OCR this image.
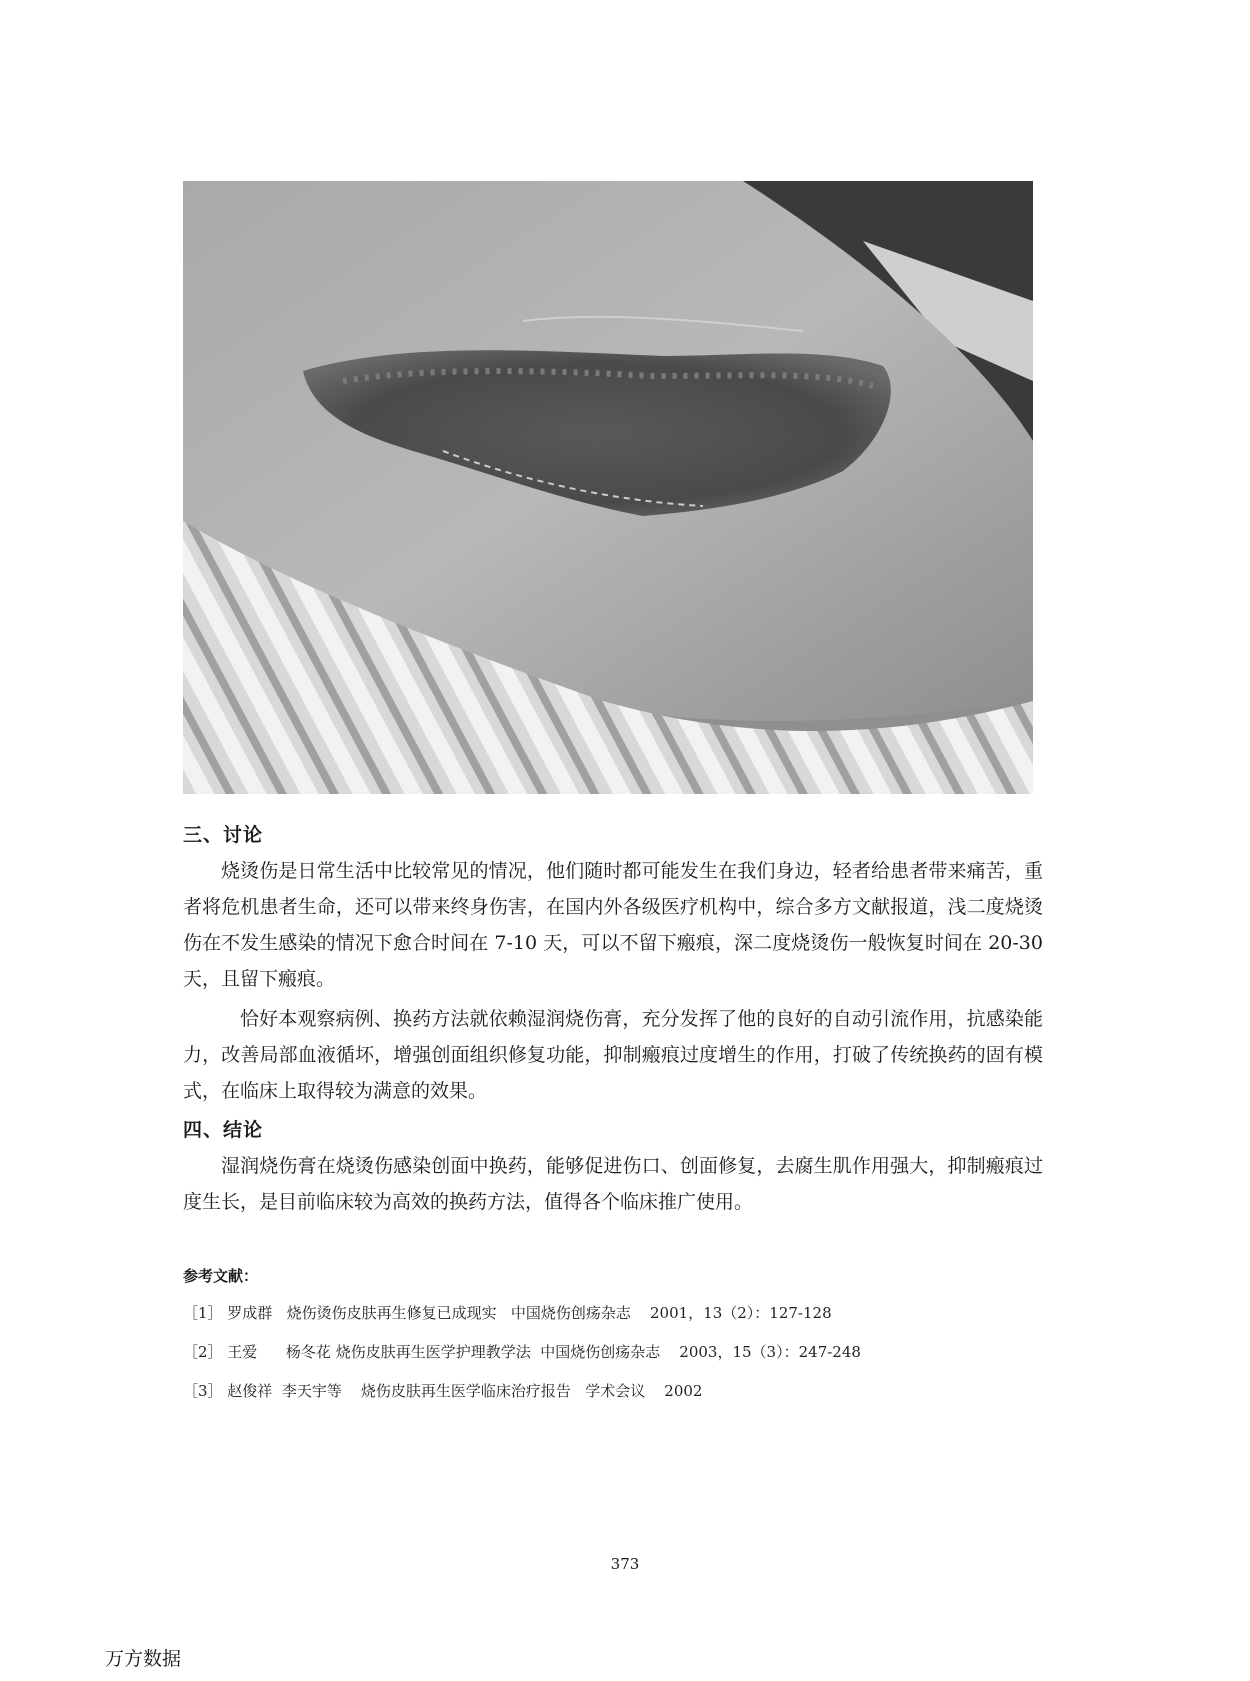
三、讨论

烧烫伤是日常生活中比较常见的情况，他们随时都可能发生在我们身边，轻者给患者带来痛苦，重者将危机患者生命，还可以带来终身伤害，在国内外各级医疗机构中，综合多方文献报道，浅二度烧烫伤在不发生感染的情况下愈合时间在 7-10 天，可以不留下瘢痕，深二度烧烫伤一般恢复时间在 20-30 天，且留下瘢痕。

恰好本观察病例、换药方法就依赖湿润烧伤膏，充分发挥了他的良好的自动引流作用，抗感染能力，改善局部血液循坏，增强创面组织修复功能，抑制瘢痕过度增生的作用，打破了传统换药的固有模式，在临床上取得较为满意的效果。

四、结论

湿润烧伤膏在烧烫伤感染创面中换药，能够促进伤口、创面修复，去腐生肌作用强大，抑制瘢痕过度生长，是目前临床较为高效的换药方法，值得各个临床推广使用。

参考文献：
［1］ 罗成群   烧伤烫伤皮肤再生修复已成现实   中国烧伤创疡杂志    2001，13（2）：127-128
［2］ 王爱      杨冬花 烧伤皮肤再生医学护理教学法  中国烧伤创疡杂志    2003，15（3）：247-248
［3］ 赵俊祥  李天宇等    烧伤皮肤再生医学临床治疗报告   学术会议    2002
373
万方数据
